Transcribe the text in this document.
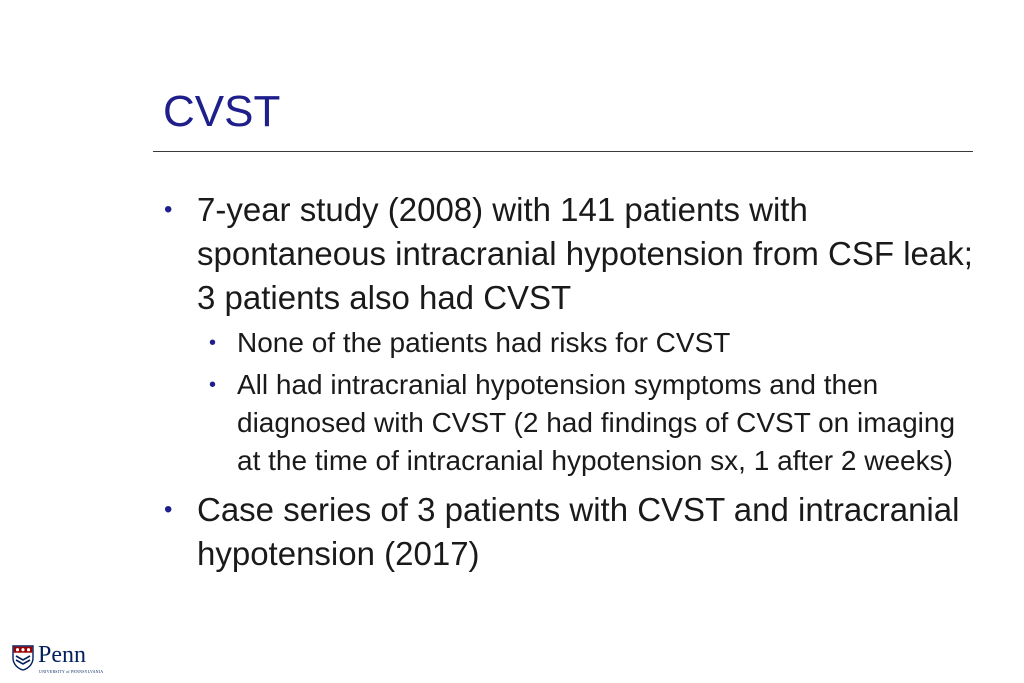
CVST
• 7-year study (2008) with 141 patients with spontaneous intracranial hypotension from CSF leak; 3 patients also had CVST
• None of the patients had risks for CVST
• All had intracranial hypotension symptoms and then diagnosed with CVST (2 had findings of CVST on imaging at the time of intracranial hypotension sx, 1 after 2 weeks)
• Case series of 3 patients with CVST and intracranial hypotension (2017)
Penn
UNIVERSITY of PENNSYLVANIA
